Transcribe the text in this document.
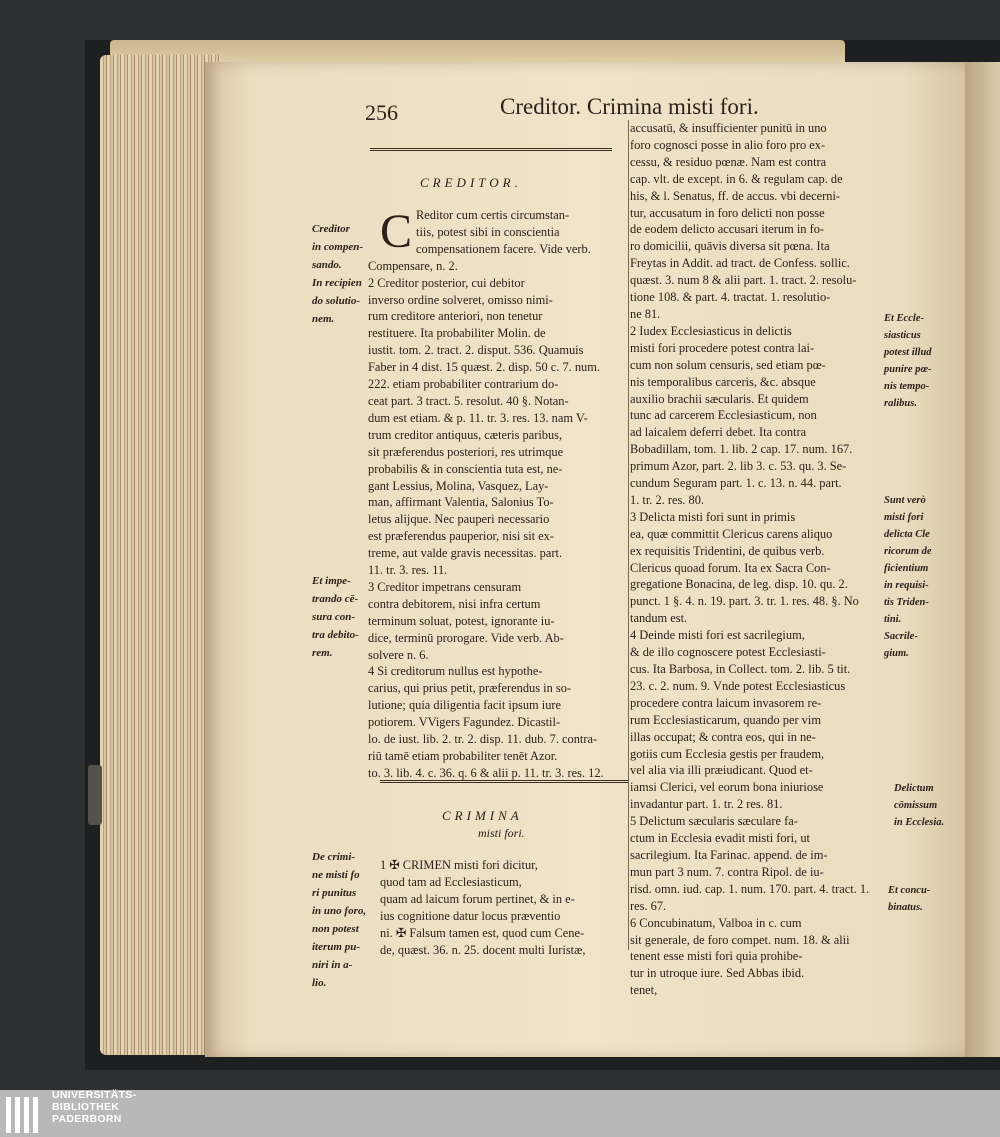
256	Creditor. Crimina misti fori.
CREDITOR.
C
Creditor
in compen-
sando.
In recipien
do solutio-
nem.
Et impe-
trando cē-
sura con-
tra debito-
rem.
De crimi-
ne misti fo
ri punitus
in uno foro,
non potest
iterum pu-
niri in a-
lio.
Reditor cum certis circumstan-
tiis, potest sibi in conscientia
compensationem facere. Vide verb.
Compensare, n. 2.
2 Creditor posterior, cui debitor
inverso ordine solveret, omisso nimi-
rum creditore anteriori, non tenetur
restituere. Ita probabiliter Molin. de
iustit. tom. 2. tract. 2. disput. 536. Quamuis
Faber in 4 dist. 15 quæst. 2. disp. 50 c. 7. num.
222. etiam probabiliter contrarium do-
ceat part. 3 tract. 5. resolut. 40 §. Notan-
dum est etiam. & p. 11. tr. 3. res. 13. nam V-
trum creditor antiquus, cæteris paribus,
sit præferendus posteriori, res utrimque
probabilis & in conscientia tuta est, ne-
gant Lessius, Molina, Vasquez, Lay-
man, affirmant Valentia, Salonius To-
letus alijque. Nec pauperi necessario
est præferendus pauperior, nisi sit ex-
treme, aut valde gravis necessitas. part.
11. tr. 3. res. 11.
3 Creditor impetrans censuram
contra debitorem, nisi infra certum
terminum soluat, potest, ignorante iu-
dice, terminū prorogare. Vide verb. Ab-
solvere n. 6.
4 Si creditorum nullus est hypothe-
carius, qui prius petit, præferendus in so-
lutione; quia diligentia facit ipsum iure
potiorem. VVigers Fagundez. Dicastil-
lo. de iust. lib. 2. tr. 2. disp. 11. dub. 7. contra-
riū tamē etiam probabiliter tenēt Azor.
to. 3. lib. 4. c. 36. q. 6 & alii p. 11. tr. 3. res. 12.
CRIMINA
misti fori.
1 ✠ CRIMEN misti fori dicitur,
quod tam ad Ecclesiasticum,
quam ad laicum forum pertinet, & in e-
ius cognitione datur locus præventio
ni. ✠ Falsum tamen est, quod cum Cene-
de, quæst. 36. n. 25. docent multi Iuristæ,
accusatū, & insufficienter punitū in uno
foro cognosci posse in alio foro pro ex-
cessu, & residuo pœnæ. Nam est contra
cap. vlt. de except. in 6. & regulam cap. de
his, & l. Senatus, ff. de accus. vbi decerni-
tur, accusatum in foro delicti non posse
de eodem delicto accusari iterum in fo-
ro domicilii, quāvis diversa sit pœna. Ita
Freytas in Addit. ad tract. de Confess. sollic.
quæst. 3. num 8 & alii part. 1. tract. 2. resolu-
tione 108. & part. 4. tractat. 1. resolutio-
ne 81.
2 Iudex Ecclesiasticus in delictis
misti fori procedere potest contra lai-
cum non solum censuris, sed etiam pœ-
nis temporalibus carceris, &c. absque
auxilio brachii sæcularis. Et quidem
tunc ad carcerem Ecclesiasticum, non
ad laicalem deferri debet. Ita contra
Bobadillam, tom. 1. lib. 2 cap. 17. num. 167.
primum Azor, part. 2. lib 3. c. 53. qu. 3. Se-
cundum Seguram part. 1. c. 13. n. 44. part.
1. tr. 2. res. 80.
3 Delicta misti fori sunt in primis
ea, quæ committit Clericus carens aliquo
ex requisitis Tridentini, de quibus verb.
Clericus quoad forum. Ita ex Sacra Con-
gregatione Bonacina, de leg. disp. 10. qu. 2.
punct. 1 §. 4. n. 19. part. 3. tr. 1. res. 48. §. No
tandum est.
4 Deinde misti fori est sacrilegium,
& de illo cognoscere potest Ecclesiasti-
cus. Ita Barbosa, in Collect. tom. 2. lib. 5 tit.
23. c. 2. num. 9. Vnde potest Ecclesiasticus
procedere contra laicum invasorem re-
rum Ecclesiasticarum, quando per vim
illas occupat; & contra eos, qui in ne-
gotiis cum Ecclesia gestis per fraudem,
vel alia via illi præiudicant. Quod et-
iamsi Clerici, vel eorum bona iniuriose
invadantur part. 1. tr. 2 res. 81.
5 Delictum sæcularis sæculare fa-
ctum in Ecclesia evadit misti fori, ut
sacrilegium. Ita Farinac. append. de im-
mun part 3 num. 7. contra Ripol. de iu-
risd. omn. iud. cap. 1. num. 170. part. 4. tract. 1.
res. 67.
6 Concubinatum, Valboa in c. cum
sit generale, de foro compet. num. 18. & alii
tenent esse misti fori quia prohibe-
tur in utroque iure. Sed Abbas ibid.
tenet,
Et Eccle-
siasticus
potest illud
punire pœ-
nis tempo-
ralibus.
Sunt verò
misti fori
delicta Cle
ricorum de
ficientium
in requisi-
tis Triden-
tini.
Sacrile-
gium.
Delictum
cōmissum
in Ecclesia.
Et concu-
binatus.
UNIVERSITÄTS-
BIBLIOTHEK
PADERBORN
